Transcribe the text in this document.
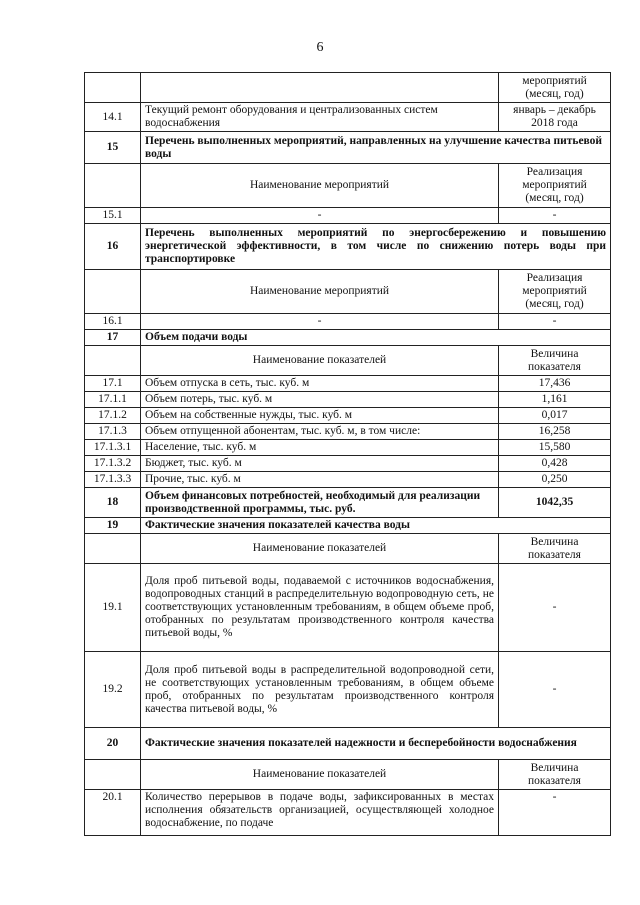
6
		мероприятий (месяц, год)
14.1	Текущий ремонт оборудования и централизованных систем водоснабжения	январь – декабрь 2018 года
15	Перечень выполненных мероприятий, направленных на улучшение качества питьевой воды	
	Наименование мероприятий	Реализация мероприятий (месяц, год)
15.1	-	-
16	Перечень выполненных мероприятий по энергосбережению и повышению энергетической эффективности, в том числе по снижению потерь воды при транспортировке	
	Наименование мероприятий	Реализация мероприятий (месяц, год)
16.1	-	-
17	Объем подачи воды	
	Наименование показателей	Величина показателя
17.1	Объем отпуска в сеть, тыс. куб. м	17,436
17.1.1	Объем потерь, тыс. куб. м	1,161
17.1.2	Объем на собственные нужды, тыс. куб. м	0,017
17.1.3	Объем отпущенной абонентам, тыс. куб. м, в том числе:	16,258
17.1.3.1	Население, тыс. куб. м	15,580
17.1.3.2	Бюджет, тыс. куб. м	0,428
17.1.3.3	Прочие, тыс. куб. м	0,250
18	Объем финансовых потребностей, необходимый для реализации производственной программы, тыс. руб.	1042,35
19	Фактические значения показателей качества воды	
	Наименование показателей	Величина показателя
19.1	Доля проб питьевой воды, подаваемой с источников водоснабжения, водопроводных станций в распределительную водопроводную сеть, не соответствующих установленным требованиям, в общем объеме проб, отобранных по результатам производственного контроля качества питьевой воды, %	-
19.2	Доля проб питьевой воды в распределительной водопроводной сети, не соответствующих установленным требованиям, в общем объеме проб, отобранных по результатам производственного контроля качества питьевой воды, %	-
20	Фактические значения показателей надежности и бесперебойности водоснабжения	
	Наименование показателей	Величина показателя
20.1	Количество перерывов в подаче воды, зафиксированных в местах исполнения обязательств организацией, осуществляющей холодное водоснабжение, по подаче	-
